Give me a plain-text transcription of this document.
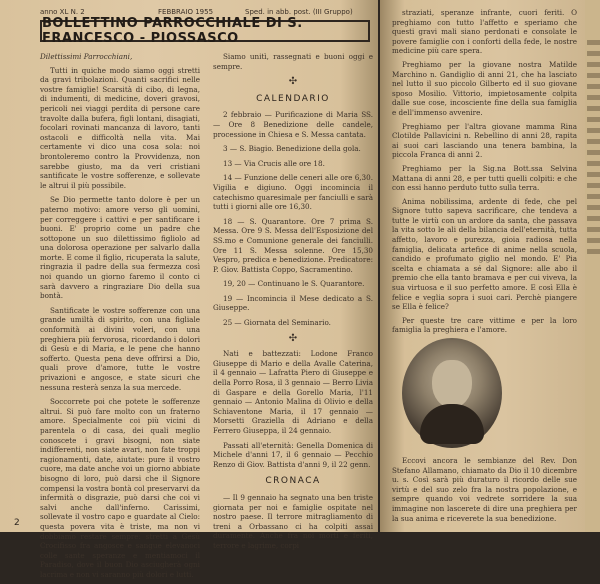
anno XL N. 2	FEBBRAIO 1955	Sped. in abb. post. (III Gruppo)
BOLLETTINO PARROCCHIALE DI S. FRANCESCO - PIOSSASCO

Dilettissimi Parrocchiani,

Tutti in quiche modo siamo oggi stretti da gravi tribolazioni. Quanti sacrifici nelle vostre famiglie! Scarsità di cibo, di legna, di indumenti, di medicine, doveri gravosi, pericoli nei viaggi perdita di persone care travolte dalla bufera, figli lontani, disagiati, focolari rovinati mancanza di lavoro, tanti ostacoli e difficoltà nella vita. Mai certamente vi dico una cosa sola: noi brontoleremo contro la Provvidenza, non sarebbe giusto, ma da veri cristiani santificate le vostre sofferenze, e sollevate le altrui il più possibile.

Se Dio permette tanto dolore è per un paterno motivo: amore verso gli uomini, per correggere i cattivi e per santificare i buoni. E' proprio come un padre che sottopone un suo dilettissimo figliolo ad una dolorosa operazione per salvarlo dalla morte. E come il figlio, ricuperata la salute, ringrazia il padre della sua fermezza così noi quando un giorno faremo il conto ci sarà davvero a ringraziare Dio della sua bontà.

Santificate le vostre sofferenze con una grande umiltà di spirito, con una figliale conformità ai divini voleri, con una preghiera più fervorosa, ricordando i dolori di Gesù e di Maria, e le pene che hanno sofferto. Questa pena deve offrirsi a Dio, quali prove d'amore, tutte le vostre privazioni e angosce, e state sicuri che nessuna resterà senza la sua mercede.

Soccorrete poi che potete le sofferenze altrui. Si può fare molto con un fraterno amore. Specialmente coi più vicini di parentela o di casa, dei quali meglio conoscete i gravi bisogni, non siate indifferenti, non siate avari, non fate troppi ragionamenti, date, aiutate: pure il vostro cuore, ma date anche voi un giorno abbiate bisogno di loro, può darsi che il Signore compensi la vostra bontà col preservarvi da infermità o disgrazie, può darsi che coi vi salvi anche dall'inferno. Carissimi, sollevate il vostro capo e guardate al Cielo: questa povera vita è triste, ma non vi dobbiamo restare sempre: stretti a Gesù Crocifisso fra angosce e sangue elevanoci colle sante speranze e mentiamoci il Paradiso, dove il buon Dio asciugherà ogni lacrima e non vi saranno più dolori e lutti.

Siamo unitì, rassegnati e buoni oggi e sempre.

✣
CALENDARIO

2 febbraio — Purificazione di Maria SS. — Ore 8 Benedizione delle candele, processione in Chiesa e S. Messa cantata.

3 — S. Biagio. Benedizione della gola.

13 — Via Crucis alle ore 18.

14 — Funzione delle ceneri alle ore 6,30. Vigilia e digiuno. Oggi incomincia il catechismo quaresimale per fanciulli e sarà tutti i giorni alle ore 16,30.

18 — S. Quarantore. Ore 7 prima S. Messa. Ore 9 S. Messa dell'Esposizione del SS.mo e Comunione generale dei fanciulli. Ore 11 S. Messa solenne. Ore 15,30 Vespro, predica e benedizione. Predicatore: P. Giov. Battista Coppo, Sacramentino.

19, 20 — Continuano le S. Quarantore.

19 — Incomincia il Mese dedicato a S. Giuseppe.

25 — Giornata del Seminario.

✣

Nati e battezzati: Lodone Franco Giuseppe di Mario e della Avalle Caterina, il 4 gennaio — Lafratta Piero di Giuseppe e della Porro Rosa, il 3 gennaio — Berro Livia di Gaspare e della Gorello Maria, l'11 gennaio — Antonio Malina di Olivio e della Schiaventone Maria, il 17 gennaio — Morsetti Graziella di Adriano e della Ferrero Giuseppa, il 24 gennaio.

Passati all'eternità: Genella Domenica di Michele d'anni 17, il 6 gennaio — Pecchio Renzo di Giov. Battista d'anni 9, il 22 genn.

CRONACA

— Il 9 gennaio ha segnato una ben triste giornata per noi e famiglie ospitate nel nostro paese. Il terrore mitragliamento di treni a Orbassano ci ha colpiti assai duramente. Anche fra noi morti e feriti, terrore e lagrime, corpi

2

straziati, speranze infrante, cuori feriti. O preghiamo con tutto l'affetto e speriamo che questi gravi mali siano perdonati e consolate le povere famiglie con i conforti della fede, le nostre medicine più care spera.

Preghiamo per la giovane nostra Matilde Marchino n. Gandiglio di anni 21, che ha lasciato nel lutto il suo piccolo Gilberto ed il suo giovane sposo Mosilio. Vittorio, impietosamente colpita dalle sue cose, incosciente fine della sua famiglia e dell'immenso avvenire.

Preghiamo per l'altra giovane mamma Rina Clotilde Pallavicini n. Rebellino di anni 28, rapita ai suoi cari lasciando una tenera bambina, la piccola Franca di anni 2.

Preghiamo per la Sig.na Bott.ssa Selvina Mattana di anni 28, e per tutti quelli colpiti: e che con essi hanno perduto tutto sulla terra.

Anima nobilissima, ardente di fede, che pel Signore tutto sapeva sacrificare, che tendeva a tutte le virtù con un ardore da santa, che passava la vita sotto le ali della bilancia dell'eternità, tutta affetto, lavoro e purezza, gioia radiosa nella famiglia, delicata artefice di anime nella scuola, candido e profumato giglio nel mondo. E' Pia scelta e chiamata a sé dal Signore: alle abo il premio che ella tanto bramava e per cui viveva, la sua virtuosa e il suo perfetto amore. E così Ella è felice e veglia sopra i suoi cari. Perchè piangere se Ella è felice?

Per queste tre care vittime e per la loro famiglia la preghiera e l'amore.

Eccovi ancora le sembianze del Rev. Don Stefano Allamano, chiamato da Dio il 10 dicembre u. s. Così sarà più duraturo il ricordo delle sue virtù e del suo zelo fra la nostra popolazione, e sempre quando voi vedrete sorridere la sua immagine non lascerete di dire una preghiera per la sua anima e riceverete la sua benedizione.
